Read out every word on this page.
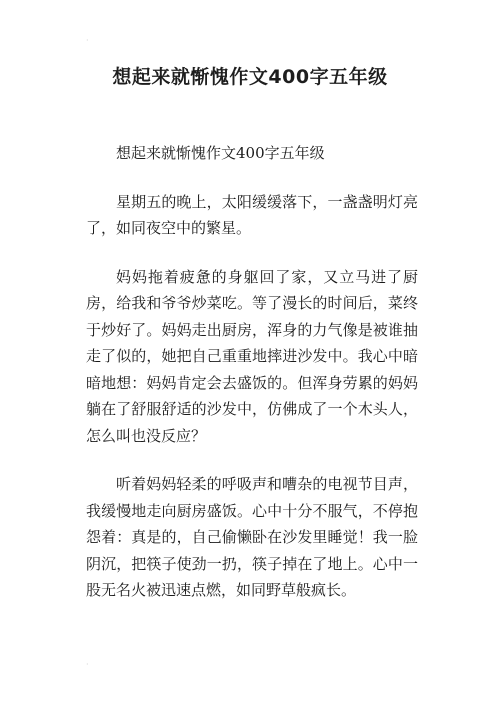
想起来就惭愧作文400字五年级
想起来就惭愧作文400字五年级

星期五的晚上，太阳缓缓落下，一盏盏明灯亮了，如同夜空中的繁星。

妈妈拖着疲惫的身躯回了家，又立马进了厨房，给我和爷爷炒菜吃。等了漫长的时间后，菜终于炒好了。妈妈走出厨房，浑身的力气像是被谁抽走了似的，她把自己重重地摔进沙发中。我心中暗暗地想：妈妈肯定会去盛饭的。但浑身劳累的妈妈躺在了舒服舒适的沙发中，仿佛成了一个木头人，怎么叫也没反应？

听着妈妈轻柔的呼吸声和嘈杂的电视节目声，我缓慢地走向厨房盛饭。心中十分不服气，不停抱怨着：真是的，自己偷懒卧在沙发里睡觉！我一脸阴沉，把筷子使劲一扔，筷子掉在了地上。心中一股无名火被迅速点燃，如同野草般疯长。

·
·
